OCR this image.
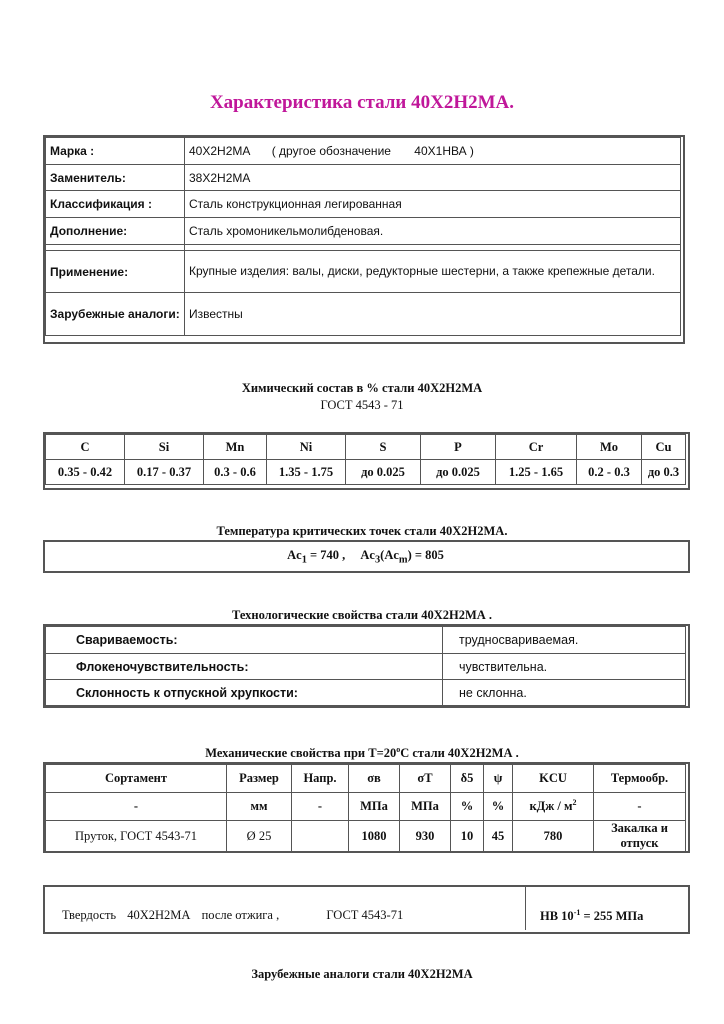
Характеристика стали 40Х2Н2МА.
Марка :	40Х2Н2МА ( другое обозначение 40Х1НВА )
Заменитель:	38Х2Н2МА
Классификация :	Сталь конструкционная легированная
Дополнение:	Сталь хромоникельмолибденовая.

Применение:	Крупные изделия: валы, диски, редукторные шестерни, а также крепежные детали.
Зарубежные аналоги:	Известны
Химический состав в % стали 40Х2Н2МА
ГОСТ 4543 - 71
C	Si	Mn	Ni	S	P	Cr	Mo	Cu
0.35 - 0.42	0.17 - 0.37	0.3 - 0.6	1.35 - 1.75	до 0.025	до 0.025	1.25 - 1.65	0.2 - 0.3	до 0.3
Температура критических точек стали 40Х2Н2МА.
$Ac_1 = 740$ , $Ac_3(Ac_m) = 805$
Технологические свойства стали 40Х2Н2МА .
Свариваемость:	трудносвариваемая.
Флокеночувствительность:	чувствительна.
Склонность к отпускной хрупкости:	не склонна.
Механические свойства при $Т=20^oС$ стали 40Х2Н2МА .
Сортамент	Размер	Напр.	σв	σT	δ5	ψ	KCU	Термообр.
-	мм	-	МПа	МПа	%	%	кДж / $м^2$	-
Пруток, ГОСТ 4543-71	Ø 25		1080	930	10	45	780	Закалка и отпуск
Твердость 40Х2Н2МА после отжига ,	ГОСТ 4543-71	HB $10^{-1} = 255$ МПа
Зарубежные аналоги стали 40Х2Н2МА
